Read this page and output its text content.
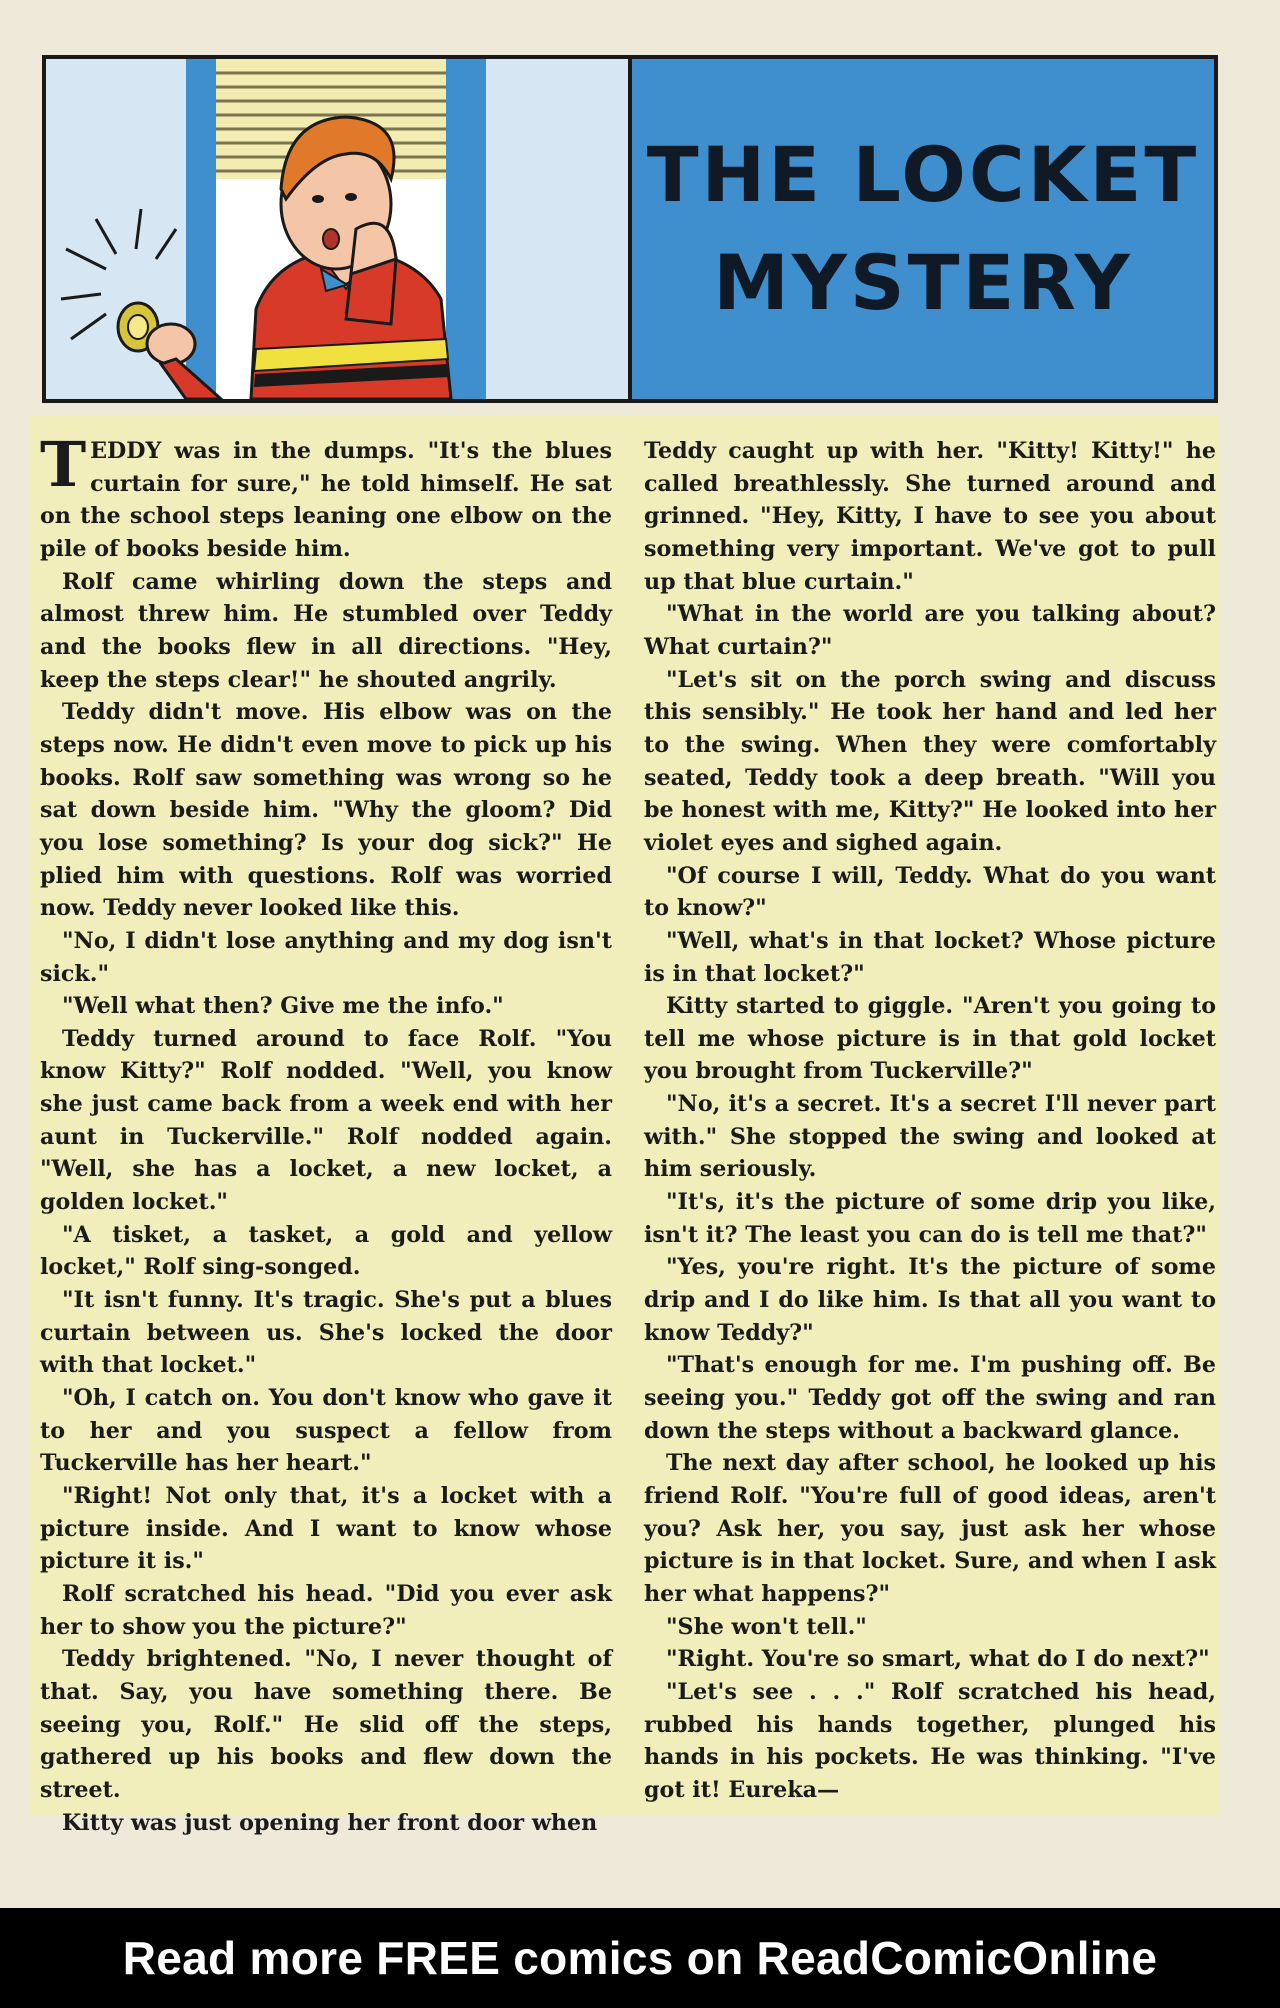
THE LOCKET
MYSTERY

TEDDY was in the dumps. "It's the blues curtain for sure," he told himself. He sat on the school steps leaning one elbow on the pile of books beside him.

Rolf came whirling down the steps and almost threw him. He stumbled over Teddy and the books flew in all directions. "Hey, keep the steps clear!" he shouted angrily.

Teddy didn't move. His elbow was on the steps now. He didn't even move to pick up his books. Rolf saw something was wrong so he sat down beside him. "Why the gloom? Did you lose something? Is your dog sick?" He plied him with questions. Rolf was worried now. Teddy never looked like this.

"No, I didn't lose anything and my dog isn't sick."

"Well what then? Give me the info."

Teddy turned around to face Rolf. "You know Kitty?" Rolf nodded. "Well, you know she just came back from a week end with her aunt in Tuckerville." Rolf nodded again. "Well, she has a locket, a new locket, a golden locket."

"A tisket, a tasket, a gold and yellow locket," Rolf sing-songed.

"It isn't funny. It's tragic. She's put a blues curtain between us. She's locked the door with that locket."

"Oh, I catch on. You don't know who gave it to her and you suspect a fellow from Tuckerville has her heart."

"Right! Not only that, it's a locket with a picture inside. And I want to know whose picture it is."

Rolf scratched his head. "Did you ever ask her to show you the picture?"

Teddy brightened. "No, I never thought of that. Say, you have something there. Be seeing you, Rolf." He slid off the steps, gathered up his books and flew down the street.

Kitty was just opening her front door when

Teddy caught up with her. "Kitty! Kitty!" he called breathlessly. She turned around and grinned. "Hey, Kitty, I have to see you about something very important. We've got to pull up that blue curtain."

"What in the world are you talking about? What curtain?"

"Let's sit on the porch swing and discuss this sensibly." He took her hand and led her to the swing. When they were comfortably seated, Teddy took a deep breath. "Will you be honest with me, Kitty?" He looked into her violet eyes and sighed again.

"Of course I will, Teddy. What do you want to know?"

"Well, what's in that locket? Whose picture is in that locket?"

Kitty started to giggle. "Aren't you going to tell me whose picture is in that gold locket you brought from Tuckerville?"

"No, it's a secret. It's a secret I'll never part with." She stopped the swing and looked at him seriously.

"It's, it's the picture of some drip you like, isn't it? The least you can do is tell me that?"

"Yes, you're right. It's the picture of some drip and I do like him. Is that all you want to know Teddy?"

"That's enough for me. I'm pushing off. Be seeing you." Teddy got off the swing and ran down the steps without a backward glance.

The next day after school, he looked up his friend Rolf. "You're full of good ideas, aren't you? Ask her, you say, just ask her whose picture is in that locket. Sure, and when I ask her what happens?"

"She won't tell."

"Right. You're so smart, what do I do next?"

"Let's see . . ." Rolf scratched his head, rubbed his hands together, plunged his hands in his pockets. He was thinking. "I've got it! Eureka—

Read more FREE comics on ReadComicOnline
